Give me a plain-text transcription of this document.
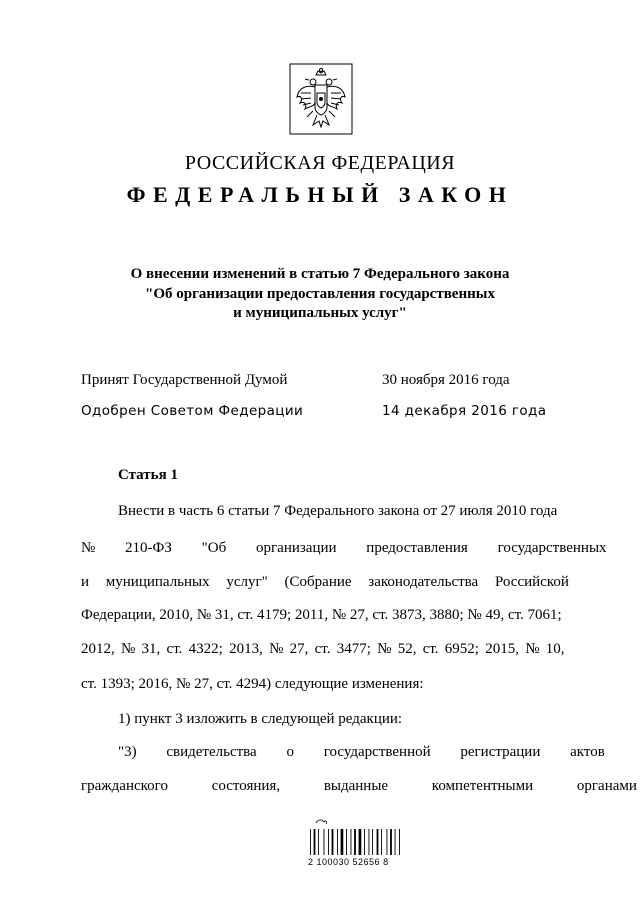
РОССИЙСКАЯ ФЕДЕРАЦИЯ
ФЕДЕРАЛЬНЫЙ ЗАКОН
О внесении изменений в статью 7 Федерального закона
"Об организации предоставления государственных
и муниципальных услуг"
Принят Государственной Думой	30 ноября 2016 года
Одобрен Советом Федерации	14 декабря 2016 года
Статья 1
Внести в часть 6 статьи 7 Федерального закона от 27 июля 2010 года
№ 210-ФЗ "Об организации предоставления государственных
и муниципальных услуг" (Собрание законодательства Российской
Федерации, 2010, № 31, ст. 4179; 2011, № 27, ст. 3873, 3880; № 49, ст. 7061;
2012, № 31, ст. 4322; 2013, № 27, ст. 3477; № 52, ст. 6952; 2015, № 10,
ст. 1393; 2016, № 27, ст. 4294) следующие изменения:
1) пункт 3 изложить в следующей редакции:
"3) свидетельства о государственной регистрации актов
гражданского состояния, выданные компетентными органами
2 100030 52656 8
